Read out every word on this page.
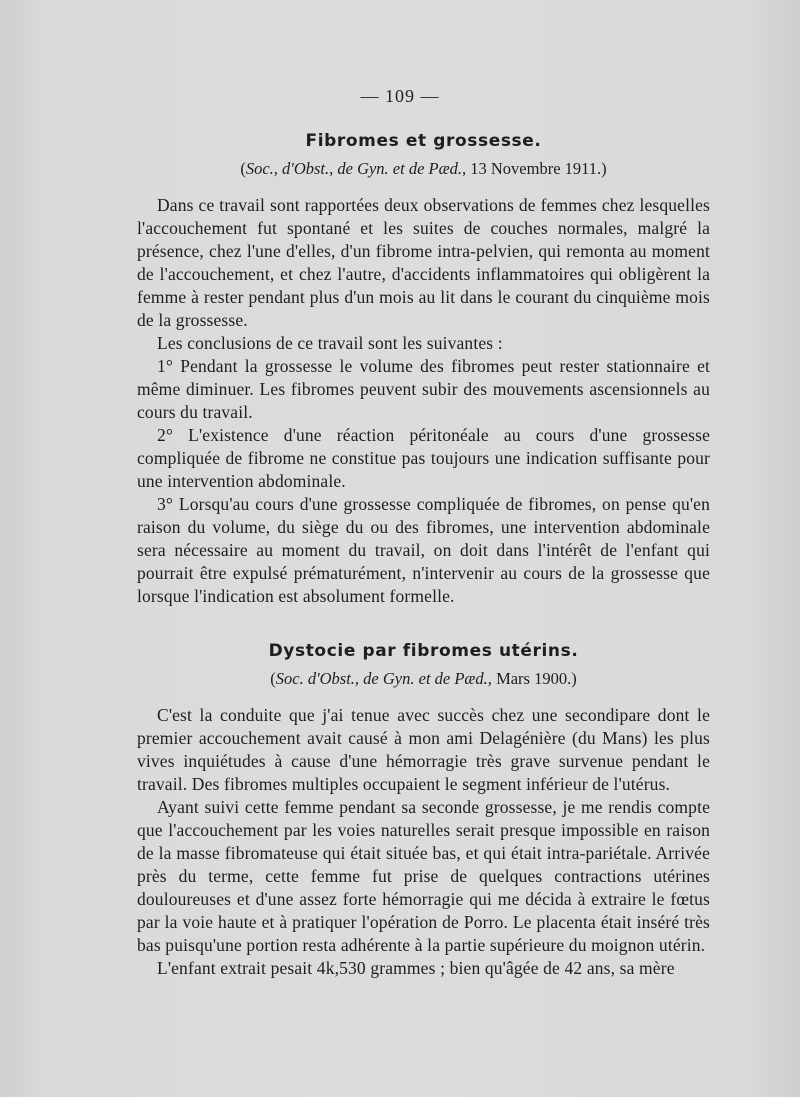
— 109 —
Fibromes et grossesse.

(Soc., d'Obst., de Gyn. et de Pæd., 13 Novembre 1911.)

Dans ce travail sont rapportées deux observations de femmes chez lesquelles l'accouchement fut spontané et les suites de couches normales, malgré la présence, chez l'une d'elles, d'un fibrome intra-pelvien, qui remonta au moment de l'accouchement, et chez l'autre, d'accidents inflammatoires qui obligèrent la femme à rester pendant plus d'un mois au lit dans le courant du cinquième mois de la grossesse.

Les conclusions de ce travail sont les suivantes :

1° Pendant la grossesse le volume des fibromes peut rester stationnaire et même diminuer. Les fibromes peuvent subir des mouvements ascensionnels au cours du travail.

2° L'existence d'une réaction péritonéale au cours d'une grossesse compliquée de fibrome ne constitue pas toujours une indication suffisante pour une intervention abdominale.

3° Lorsqu'au cours d'une grossesse compliquée de fibromes, on pense qu'en raison du volume, du siège du ou des fibromes, une intervention abdominale sera nécessaire au moment du travail, on doit dans l'intérêt de l'enfant qui pourrait être expulsé prématurément, n'intervenir au cours de la grossesse que lorsque l'indication est absolument formelle.

Dystocie par fibromes utérins.

(Soc. d'Obst., de Gyn. et de Pæd., Mars 1900.)

C'est la conduite que j'ai tenue avec succès chez une secondipare dont le premier accouchement avait causé à mon ami Delagénière (du Mans) les plus vives inquiétudes à cause d'une hémorragie très grave survenue pendant le travail. Des fibromes multiples occupaient le segment inférieur de l'utérus.

Ayant suivi cette femme pendant sa seconde grossesse, je me rendis compte que l'accouchement par les voies naturelles serait presque impossible en raison de la masse fibromateuse qui était située bas, et qui était intra-pariétale. Arrivée près du terme, cette femme fut prise de quelques contractions utérines douloureuses et d'une assez forte hémorragie qui me décida à extraire le fœtus par la voie haute et à pratiquer l'opération de Porro. Le placenta était inséré très bas puisqu'une portion resta adhérente à la partie supérieure du moignon utérin.

L'enfant extrait pesait 4k,530 grammes ; bien qu'âgée de 42 ans, sa mère
